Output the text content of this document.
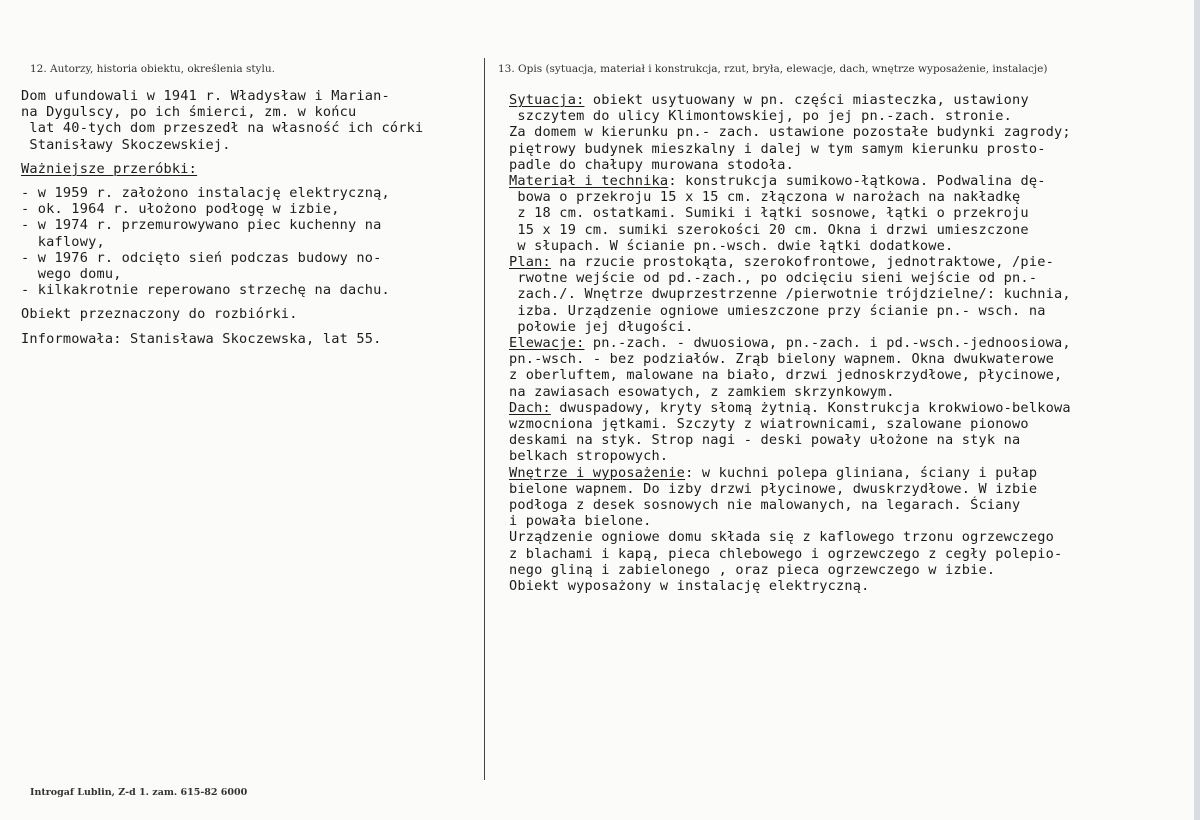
12. Autorzy, historia obiektu, określenia stylu.	13. Opis (sytuacja, materiał i konstrukcja, rzut, bryła, elewacje, dach, wnętrze wyposażenie, instalacje)
Dom ufundowali w 1941 r. Władysław i Marian-
na Dygulscy, po ich śmierci, zm. w końcu
lat 40-tych dom przeszedł na własność ich córki
Stanisławy Skoczewskiej.
Ważniejsze przeróbki:
- w 1959 r. założono instalację elektryczną,
- ok. 1964 r. ułożono podłogę w izbie,
- w 1974 r. przemurowywano piec kuchenny na
kaflowy,
- w 1976 r. odcięto sień podczas budowy no-
wego domu,
- kilkakrotnie reperowano strzechę na dachu.
Obiekt przeznaczony do rozbiórki.
Informowała: Stanisława Skoczewska, lat 55.
Sytuacja: obiekt usytuowany w pn. części miasteczka, ustawiony
szczytem do ulicy Klimontowskiej, po jej pn.-zach. stronie.
Za domem w kierunku pn.- zach. ustawione pozostałe budynki zagrody;
piętrowy budynek mieszkalny i dalej w tym samym kierunku prosto-
padle do chałupy murowana stodoła.
Materiał i technika: konstrukcja sumikowo-łątkowa. Podwalina dę-
bowa o przekroju 15 x 15 cm. złączona w narożach na nakładkę
z 18 cm. ostatkami. Sumiki i łątki sosnowe, łątki o przekroju
15 x 19 cm. sumiki szerokości 20 cm. Okna i drzwi umieszczone
w słupach. W ścianie pn.-wsch. dwie łątki dodatkowe.
Plan: na rzucie prostokąta, szerokofrontowe, jednotraktowe, /pie-
rwotne wejście od pd.-zach., po odcięciu sieni wejście od pn.-
zach./. Wnętrze dwuprzestrzenne /pierwotnie trójdzielne/: kuchnia,
izba. Urządzenie ogniowe umieszczone przy ścianie pn.- wsch. na
połowie jej długości.
Elewacje: pn.-zach. - dwuosiowa, pn.-zach. i pd.-wsch.-jednoosiowa,
pn.-wsch. - bez podziałów. Zrąb bielony wapnem. Okna dwukwaterowe
z oberluftem, malowane na biało, drzwi jednoskrzydłowe, płycinowe,
na zawiasach esowatych, z zamkiem skrzynkowym.
Dach: dwuspadowy, kryty słomą żytnią. Konstrukcja krokwiowo-belkowa
wzmocniona jętkami. Szczyty z wiatrownicami, szalowane pionowo
deskami na styk. Strop nagi - deski powały ułożone na styk na
belkach stropowych.
Wnętrze i wyposażenie: w kuchni polepa gliniana, ściany i pułap
bielone wapnem. Do izby drzwi płycinowe, dwuskrzydłowe. W izbie
podłoga z desek sosnowych nie malowanych, na legarach. Ściany
i powała bielone.
Urządzenie ogniowe domu składa się z kaflowego trzonu ogrzewczego
z blachami i kapą, pieca chlebowego i ogrzewczego z cegły polepio-
nego gliną i zabielonego , oraz pieca ogrzewczego w izbie.
Obiekt wyposażony w instalację elektryczną.
Introgaf Lublin, Z-d 1. zam. 615-82 6000
